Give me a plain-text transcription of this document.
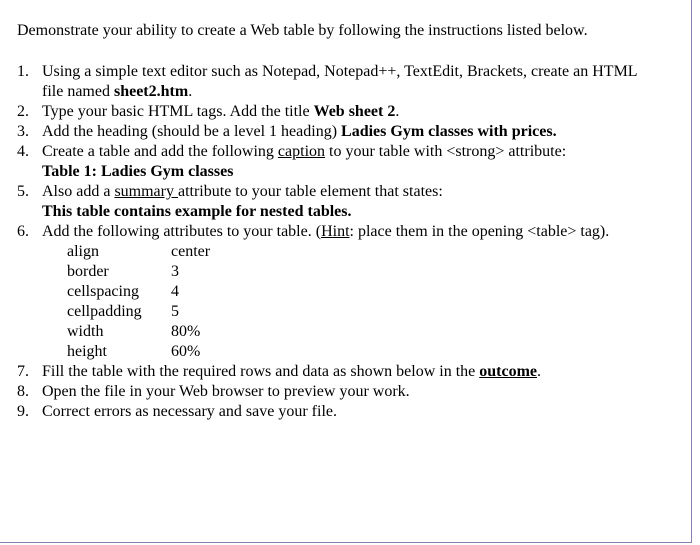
Demonstrate your ability to create a Web table by following the instructions listed below.
1. Using a simple text editor such as Notepad, Notepad++, TextEdit, Brackets, create an HTML
file named sheet2.htm.
2. Type your basic HTML tags. Add the title Web sheet 2.
3. Add the heading (should be a level 1 heading) Ladies Gym classes with prices.
4. Create a table and add the following caption to your table with <strong> attribute:
Table 1: Ladies Gym classes
5. Also add a summary attribute to your table element that states:
This table contains example for nested tables.
6. Add the following attributes to your table. (Hint: place them in the opening <table> tag).
align	center
border	3
cellspacing	4
cellpadding	5
width	80%
height	60%
7. Fill the table with the required rows and data as shown below in the outcome.
8. Open the file in your Web browser to preview your work.
9. Correct errors as necessary and save your file.
